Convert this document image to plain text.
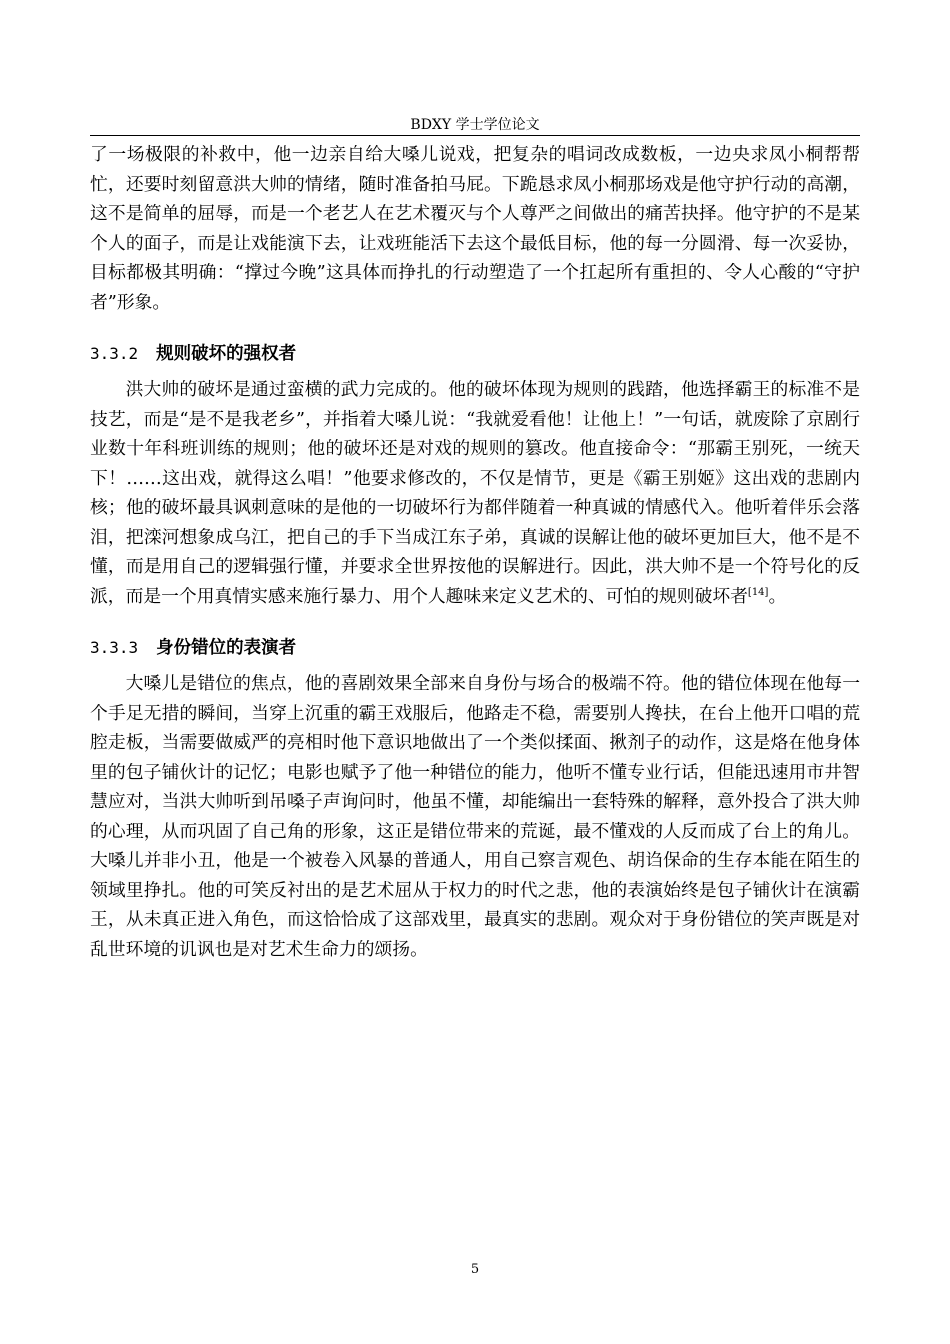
BDXY 学士学位论文

了一场极限的补救中，他一边亲自给大嗓儿说戏，把复杂的唱词改成数板，一边央求凤小桐帮帮忙，还要时刻留意洪大帅的情绪，随时准备拍马屁。下跪恳求凤小桐那场戏是他守护行动的高潮，这不是简单的屈辱，而是一个老艺人在艺术覆灭与个人尊严之间做出的痛苦抉择。他守护的不是某个人的面子，而是让戏能演下去，让戏班能活下去这个最低目标，他的每一分圆滑、每一次妥协，目标都极其明确：“撑过今晚”这具体而挣扎的行动塑造了一个扛起所有重担的、令人心酸的“守护者”形象。

3.3.2 规则破坏的强权者

洪大帅的破坏是通过蛮横的武力完成的。他的破坏体现为规则的践踏，他选择霸王的标准不是技艺，而是“是不是我老乡”，并指着大嗓儿说：“我就爱看他！让他上！”一句话，就废除了京剧行业数十年科班训练的规则；他的破坏还是对戏的规则的篡改。他直接命令：“那霸王别死，一统天下！……这出戏，就得这么唱！”他要求修改的，不仅是情节，更是《霸王别姬》这出戏的悲剧内核；他的破坏最具讽刺意味的是他的一切破坏行为都伴随着一种真诚的情感代入。他听着伴乐会落泪，把滦河想象成乌江，把自己的手下当成江东子弟，真诚的误解让他的破坏更加巨大，他不是不懂，而是用自己的逻辑强行懂，并要求全世界按他的误解进行。因此，洪大帅不是一个符号化的反派，而是一个用真情实感来施行暴力、用个人趣味来定义艺术的、可怕的规则破坏者[14]。

3.3.3 身份错位的表演者

大嗓儿是错位的焦点，他的喜剧效果全部来自身份与场合的极端不符。他的错位体现在他每一个手足无措的瞬间，当穿上沉重的霸王戏服后，他路走不稳，需要别人搀扶，在台上他开口唱的荒腔走板，当需要做威严的亮相时他下意识地做出了一个类似揉面、揪剂子的动作，这是烙在他身体里的包子铺伙计的记忆；电影也赋予了他一种错位的能力，他听不懂专业行话，但能迅速用市井智慧应对，当洪大帅听到吊嗓子声询问时，他虽不懂，却能编出一套特殊的解释，意外投合了洪大帅的心理，从而巩固了自己角的形象，这正是错位带来的荒诞，最不懂戏的人反而成了台上的角儿。大嗓儿并非小丑，他是一个被卷入风暴的普通人，用自己察言观色、胡诌保命的生存本能在陌生的领域里挣扎。他的可笑反衬出的是艺术屈从于权力的时代之悲，他的表演始终是包子铺伙计在演霸王，从未真正进入角色，而这恰恰成了这部戏里，最真实的悲剧。观众对于身份错位的笑声既是对乱世环境的讥讽也是对艺术生命力的颂扬。

5
